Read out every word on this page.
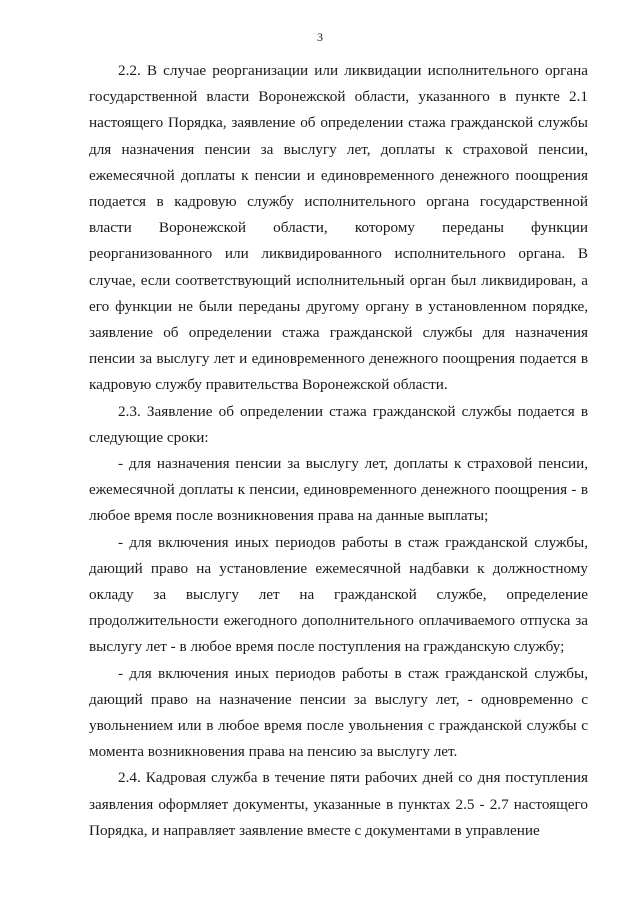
3

2.2. В случае реорганизации или ликвидации исполнительного органа государственной власти Воронежской области, указанного в пункте 2.1 настоящего Порядка, заявление об определении стажа гражданской службы для назначения пенсии за выслугу лет, доплаты к страховой пенсии, ежемесячной доплаты к пенсии и единовременного денежного поощрения подается в кадровую службу исполнительного органа государственной власти Воронежской области, которому переданы функции реорганизованного или ликвидированного исполнительного органа. В случае, если соответствующий исполнительный орган был ликвидирован, а его функции не были переданы другому органу в установленном порядке, заявление об определении стажа гражданской службы для назначения пенсии за выслугу лет и единовременного денежного поощрения подается в кадровую службу правительства Воронежской области.

2.3. Заявление об определении стажа гражданской службы подается в следующие сроки:

- для назначения пенсии за выслугу лет, доплаты к страховой пенсии, ежемесячной доплаты к пенсии, единовременного денежного поощрения - в любое время после возникновения права на данные выплаты;

- для включения иных периодов работы в стаж гражданской службы, дающий право на установление ежемесячной надбавки к должностному окладу за выслугу лет на гражданской службе, определение продолжительности ежегодного дополнительного оплачиваемого отпуска за выслугу лет - в любое время после поступления на гражданскую службу;

- для включения иных периодов работы в стаж гражданской службы, дающий право на назначение пенсии за выслугу лет, - одновременно с увольнением или в любое время после увольнения с гражданской службы с момента возникновения права на пенсию за выслугу лет.

2.4. Кадровая служба в течение пяти рабочих дней со дня поступления заявления оформляет документы, указанные в пунктах 2.5 - 2.7 настоящего Порядка, и направляет заявление вместе с документами в управление
